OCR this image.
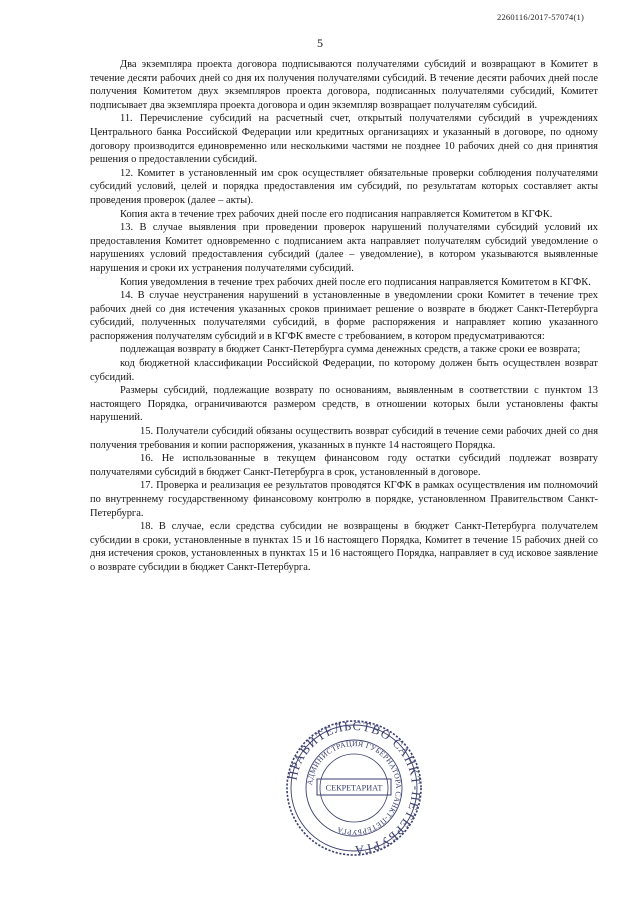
2260116/2017-57074(1)
5

Два экземпляра проекта договора подписываются получателями субсидий и возвращают в Комитет в течение десяти рабочих дней со дня их получения получателями субсидий. В течение десяти рабочих дней после получения Комитетом двух экземпляров проекта договора, подписанных получателями субсидий, Комитет подписывает два экземпляра проекта договора и один экземпляр возвращает получателям субсидий.

11. Перечисление субсидий на расчетный счет, открытый получателями субсидий в учреждениях Центрального банка Российской Федерации или кредитных организациях и указанный в договоре, по одному договору производится единовременно или несколькими частями не позднее 10 рабочих дней со дня принятия решения о предоставлении субсидий.

12. Комитет в установленный им срок осуществляет обязательные проверки соблюдения получателями субсидий условий, целей и порядка предоставления им субсидий, по результатам которых составляет акты проведения проверок (далее – акты).

Копия акта в течение трех рабочих дней после его подписания направляется Комитетом в КГФК.

13. В случае выявления при проведении проверок нарушений получателями субсидий условий их предоставления Комитет одновременно с подписанием акта направляет получателям субсидий уведомление о нарушениях условий предоставления субсидий (далее – уведомление), в котором указываются выявленные нарушения и сроки их устранения получателями субсидий.

Копия уведомления в течение трех рабочих дней после его подписания направляется Комитетом в КГФК.

14. В случае неустранения нарушений в установленные в уведомлении сроки Комитет в течение трех рабочих дней со дня истечения указанных сроков принимает решение о возврате в бюджет Санкт-Петербурга субсидий, полученных получателями субсидий, в форме распоряжения и направляет копию указанного распоряжения получателям субсидий и в КГФК вместе с требованием, в котором предусматриваются:

подлежащая возврату в бюджет Санкт-Петербурга сумма денежных средств, а также сроки ее возврата;

код бюджетной классификации Российской Федерации, по которому должен быть осуществлен возврат субсидий.

Размеры субсидий, подлежащие возврату по основаниям, выявленным в соответствии с пунктом 13 настоящего Порядка, ограничиваются размером средств, в отношении которых были установлены факты нарушений.

15. Получатели субсидий обязаны осуществить возврат субсидий в течение семи рабочих дней со дня получения требования и копии распоряжения, указанных в пункте 14 настоящего Порядка.

16. Не использованные в текущем финансовом году остатки субсидий подлежат возврату получателями субсидий в бюджет Санкт-Петербурга в срок, установленный в договоре.

17. Проверка и реализация ее результатов проводятся КГФК в рамках осуществления им полномочий по внутреннему государственному финансовому контролю в порядке, установленном Правительством Санкт-Петербурга.

18. В случае, если средства субсидии не возвращены в бюджет Санкт-Петербурга получателем субсидии в сроки, установленные в пунктах 15 и 16 настоящего Порядка, Комитет в течение 15 рабочих дней со дня истечения сроков, установленных в пунктах 15 и 16 настоящего Порядка, направляет в суд исковое заявление о возврате субсидии в бюджет Санкт-Петербурга.

ПРАВИТЕЛЬСТВО САНКТ-ПЕТЕРБУРГА
АДМИНИСТРАЦИЯ ГУБЕРНАТОРА САНКТ-ПЕТЕРБУРГА
СЕКРЕТАРИАТ
